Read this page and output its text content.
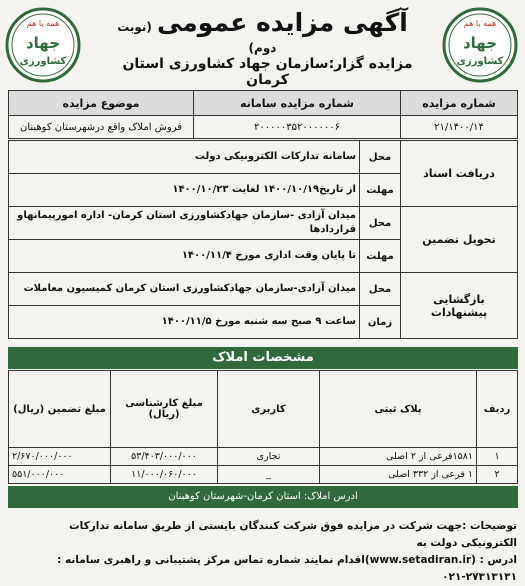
همه با هم
جهاد
کشاورزی
همه با هم
جهاد
کشاورزی
آگهی مزایده عمومی (نوبت دوم)
مزایده گزار:سازمان جهاد کشاورزی استان کرمان
شماره مزایده	شماره مزایده سامانه	موضوع مزایده
۲۱/۱۴۰۰/۱۴	۲۰۰۰۰۰۳۵۲۰۰۰۰۰۰۶	فروش املاک واقع درشهرستان کوهبنان
دریافت اسناد	محل	سامانه تدارکات الکترونیکی دولت
	مهلت	از تاریخ۱۴۰۰/۱۰/۱۹ لغایت ۱۴۰۰/۱۰/۲۳
تحویل تضمین	محل	میدان آزادی -سازمان جهادکشاورزی استان کرمان- اداره امورپیمانهاو قراردادها
	مهلت	تا پایان وقت اداری مورخ ۱۴۰۰/۱۱/۴
بازگشایی پیشنهادات	محل	میدان آزادی-سازمان جهادکشاورزی استان کرمان کمیسیون معاملات
	زمان	ساعت ۹ صبح سه شنبه مورخ ۱۴۰۰/۱۱/۵
مشخصات املاک
ردیف	پلاک ثبتی	کاربری	مبلغ کارشناسی (ریال)	مبلغ تضمین (ریال)
۱	۱۵۸۱فرعی از ۲ اصلی	تجاری	۵۳/۴۰۳/۰۰۰/۰۰۰	۲/۶۷۰/۰۰۰/۰۰۰
۲	۱ فرعی از ۳۳۲ اصلی	_	۱۱/۰۰۰/۰۶۰/۰۰۰	۵۵۱/۰۰۰/۰۰۰
ادرس املاک: استان کرمان-شهرستان کوهبنان
توضیحات :جهت شرکت در مزایده فوق شرکت کنندگان بایستی از طریق سامانه تدارکات الکترونیکی دولت به
ادرس : (www.setadiran.ir)اقدام نمایند شماره تماس مرکز پشتیبانی و راهبری سامانه : ۲۷۳۱۳۱۳۱-۰۲۱
